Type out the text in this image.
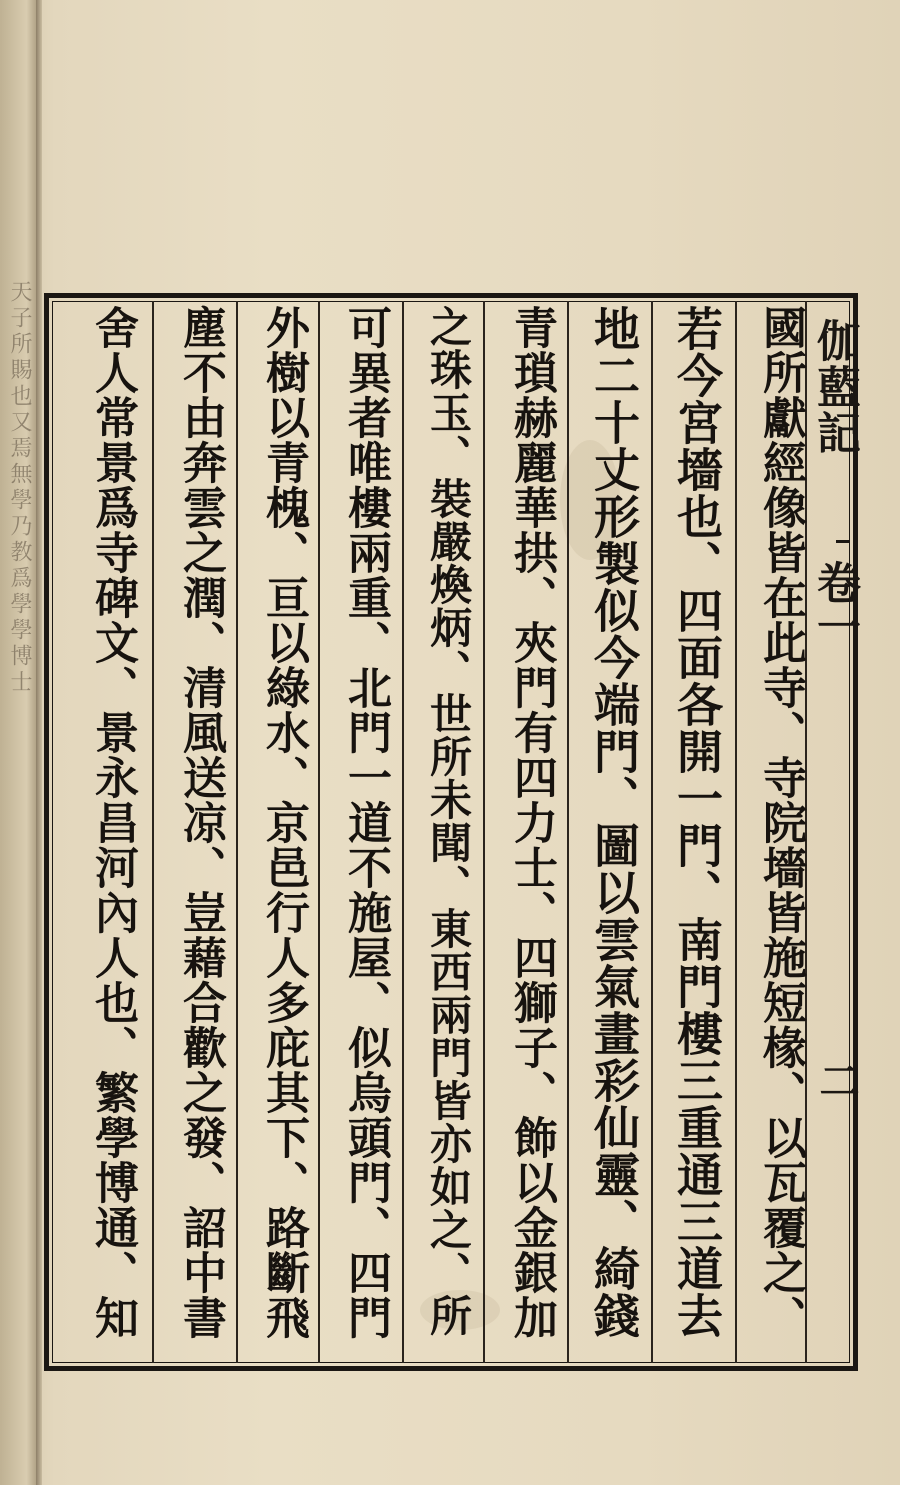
天子所賜也又焉無學乃教爲學學博士	伽藍記
卷一
二
國所獻經像皆在此寺、寺院墻皆施短椽、以瓦覆之、
若今宮墻也、四面各開一門、南門樓三重通三道去
地二十丈形製似今端門、圖以雲氣畫彩仙靈、綺錢
青瑣赫麗華拱、夾門有四力士、四獅子、飾以金銀加
之珠玉、裝嚴煥炳、世所未聞、東西兩門皆亦如之、所
可異者唯樓兩重、北門一道不施屋、似烏頭門、四門
外樹以青槐、亘以綠水、京邑行人多庇其下、路斷飛
塵不由奔雲之潤、清風送凉、豈藉合歡之發、詔中書
舍人常景爲寺碑文、景永昌河內人也、繁學博通、知
